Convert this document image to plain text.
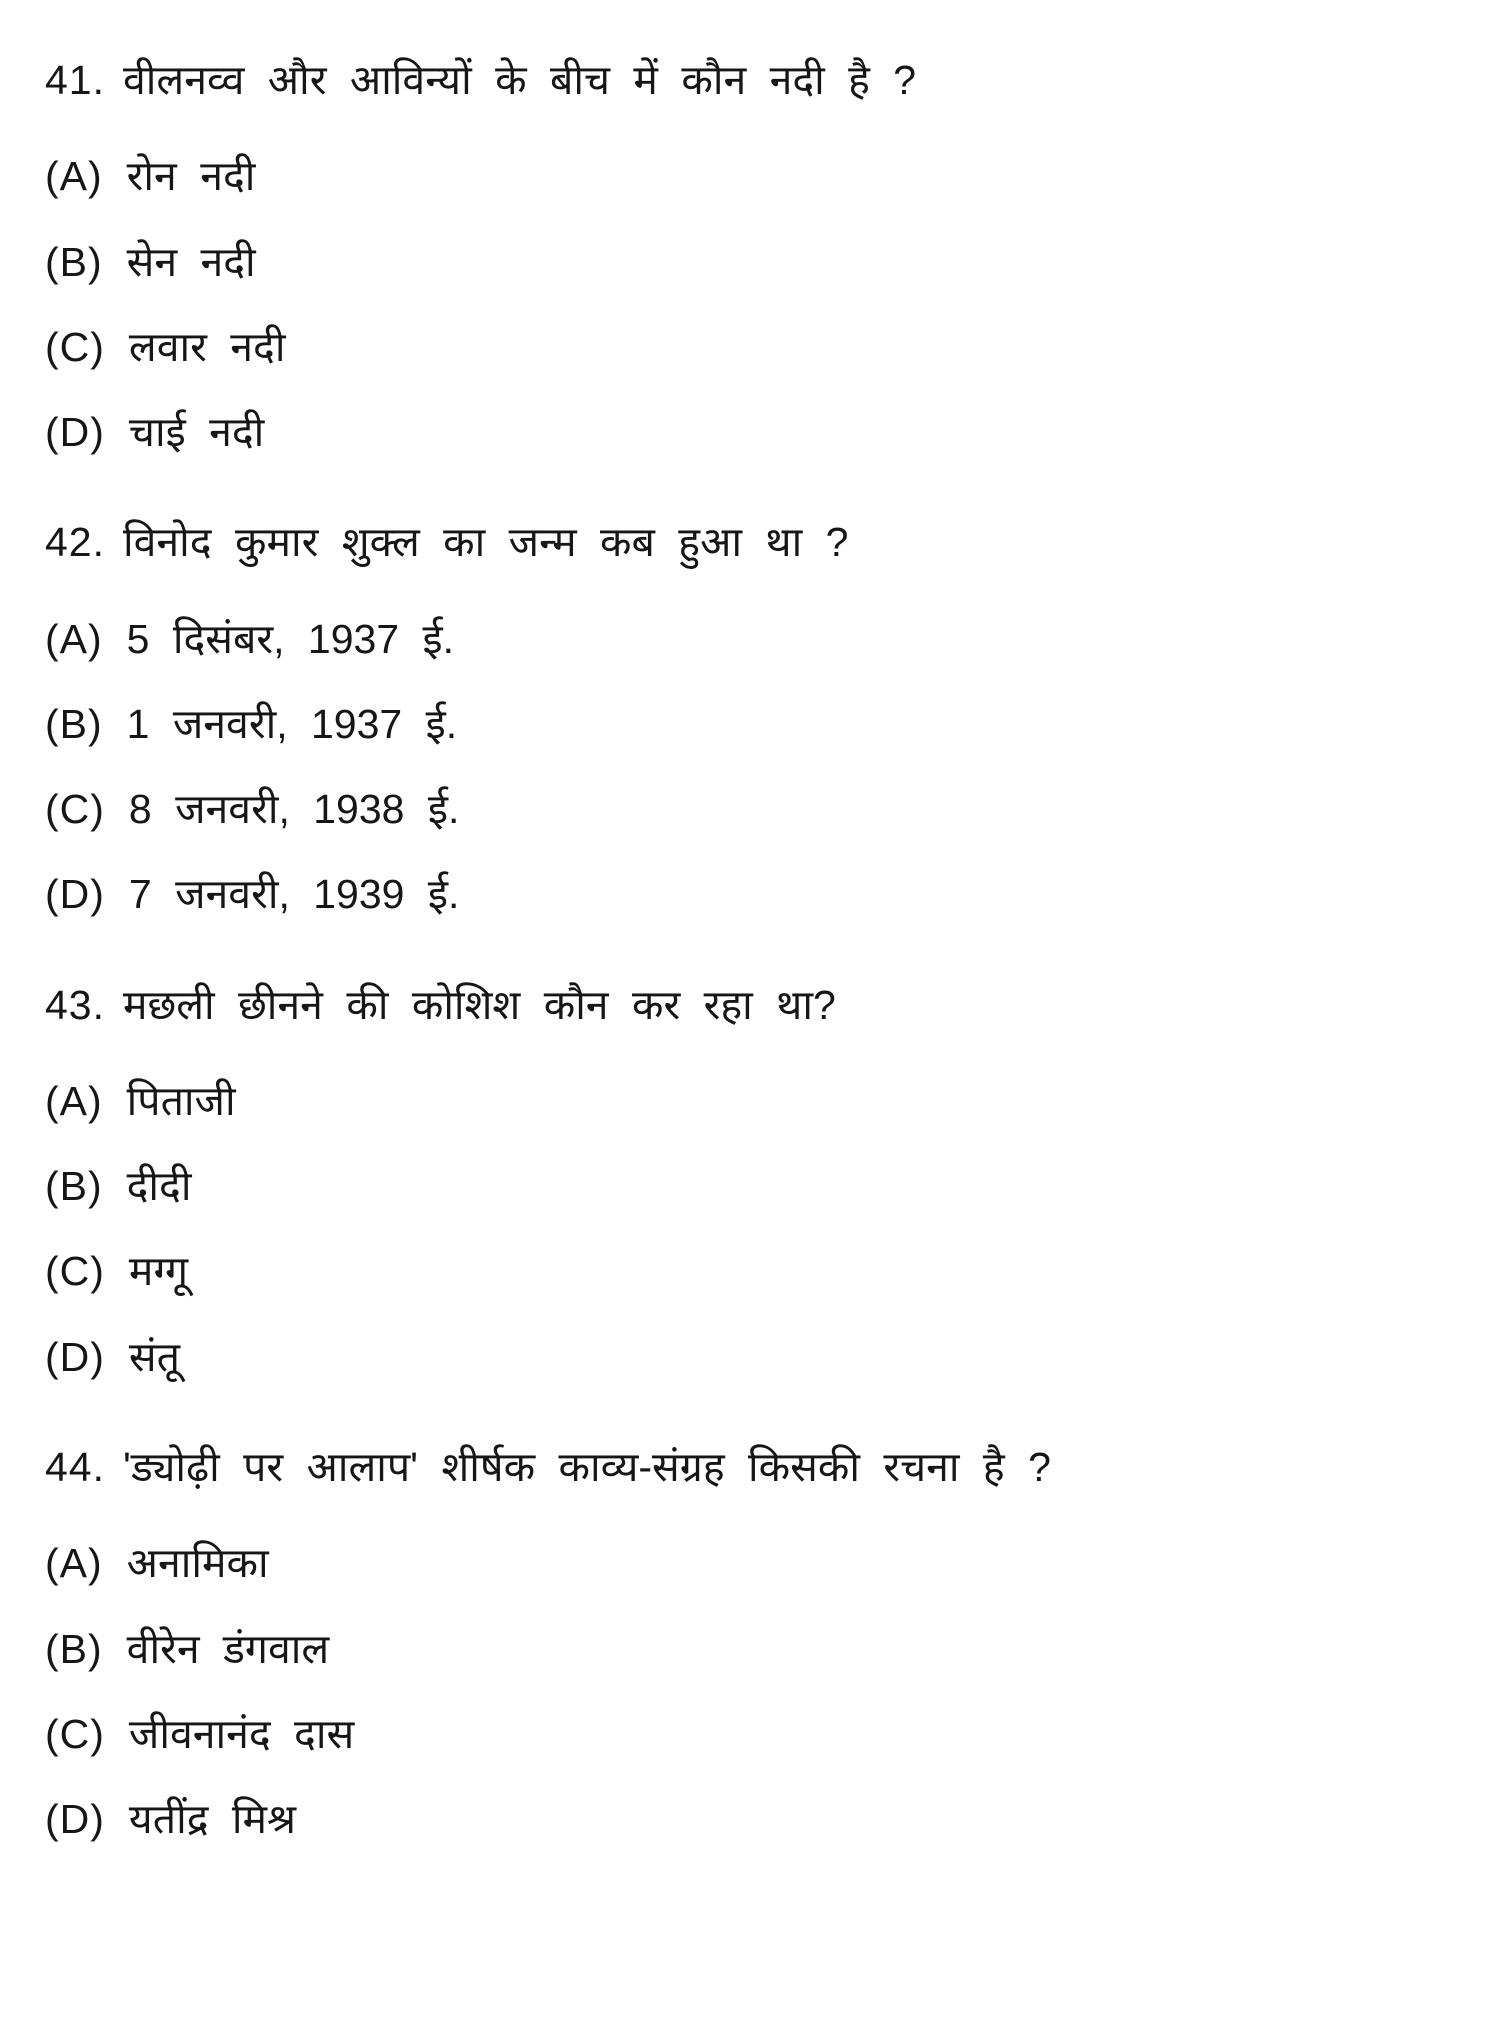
41. वीलनव्व और आविन्यों के बीच में कौन नदी है ?
(A) रोन नदी
(B) सेन नदी
(C) लवार नदी
(D) चाई नदी
42. विनोद कुमार शुक्ल का जन्म कब हुआ था ?
(A) 5 दिसंबर, 1937 ई.
(B) 1 जनवरी, 1937 ई.
(C) 8 जनवरी, 1938 ई.
(D) 7 जनवरी, 1939 ई.
43. मछली छीनने की कोशिश कौन कर रहा था?
(A) पिताजी
(B) दीदी
(C) मग्गू
(D) संतू
44. 'ड्योढ़ी पर आलाप' शीर्षक काव्य-संग्रह किसकी रचना है ?
(A) अनामिका
(B) वीरेन डंगवाल
(C) जीवनानंद दास
(D) यतींद्र मिश्र
